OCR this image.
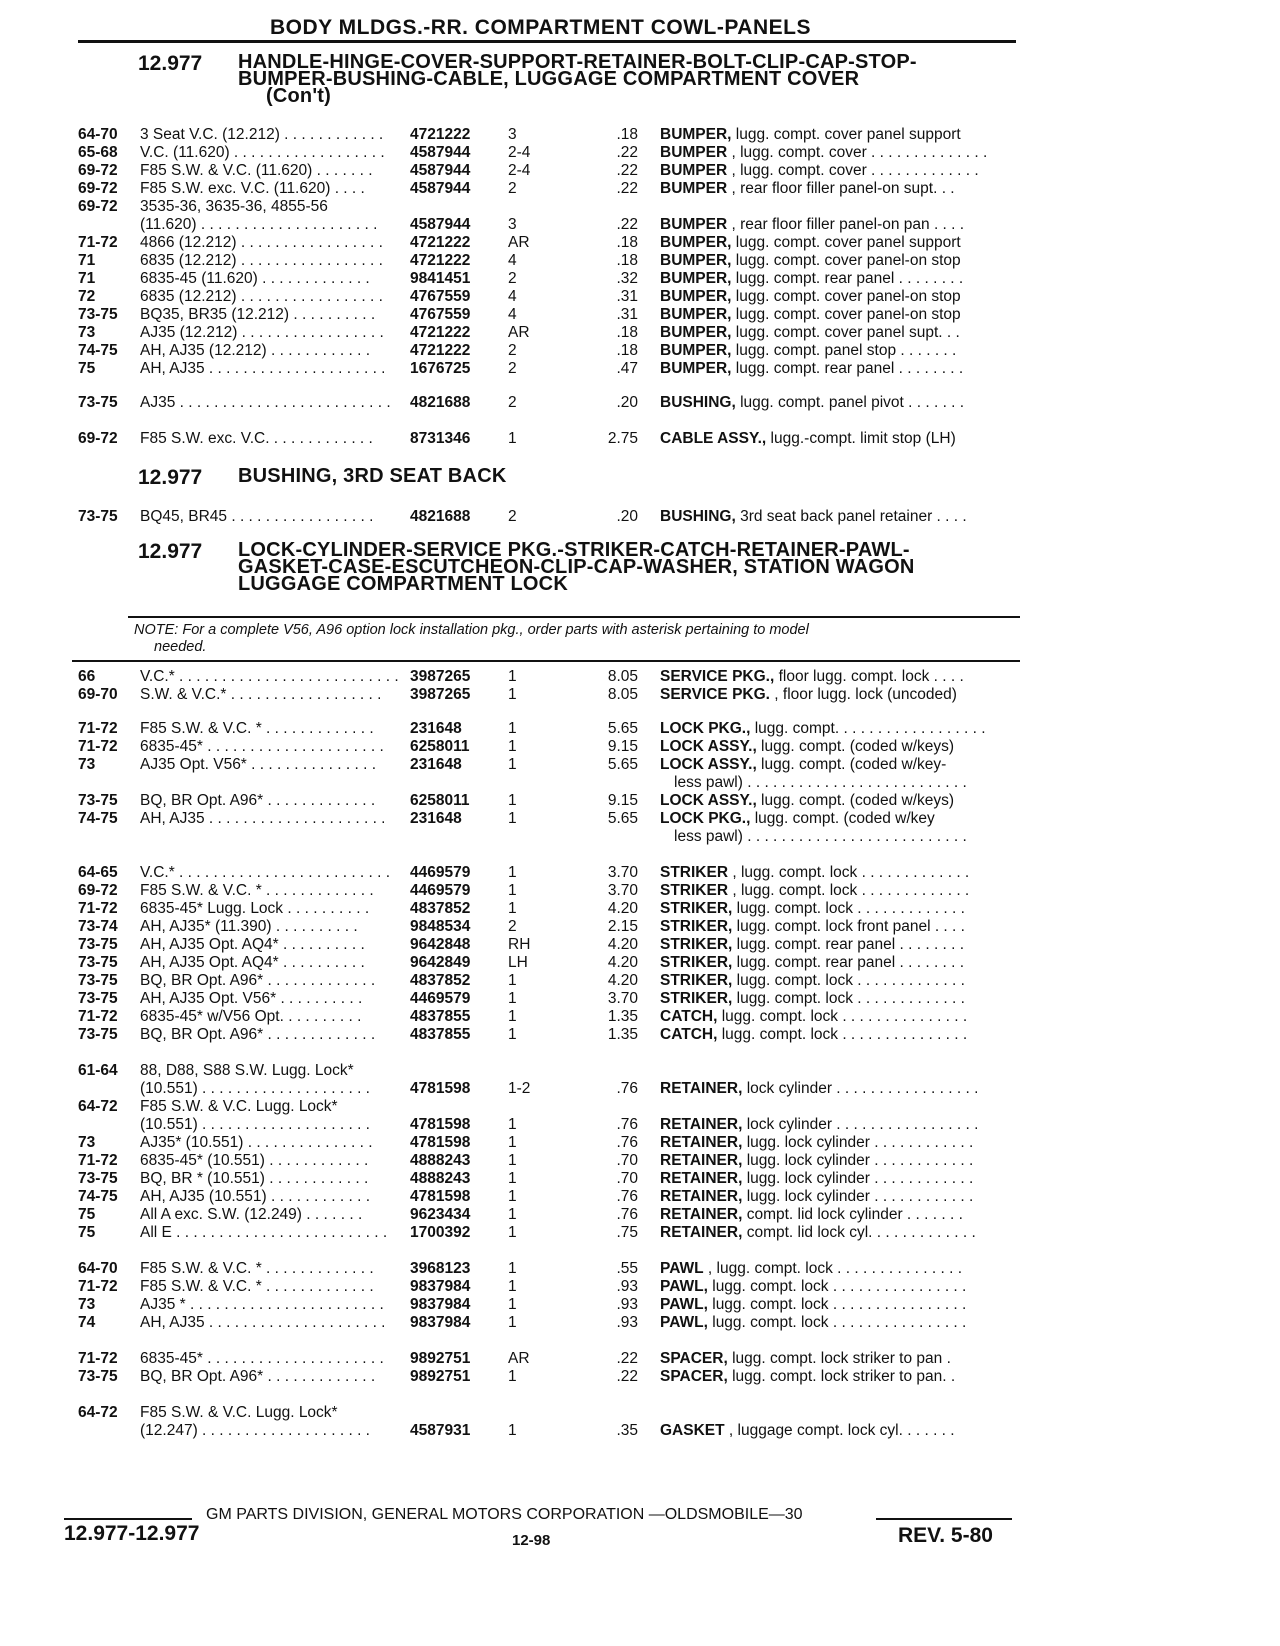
BODY MLDGS.-RR. COMPARTMENT COWL-PANELS
12.977 HANDLE-HINGE-COVER-SUPPORT-RETAINER-BOLT-CLIP-CAP-STOP-
BUMPER-BUSHING-CABLE, LUGGAGE COMPARTMENT COVER
(Con't)
12.977 BUSHING, 3RD SEAT BACK
12.977 LOCK-CYLINDER-SERVICE PKG.-STRIKER-CATCH-RETAINER-PAWL-
GASKET-CASE-ESCUTCHEON-CLIP-CAP-WASHER, STATION WAGON
LUGGAGE COMPARTMENT LOCK
64-70	3 Seat V.C. (12.212) . . . . . . . . . . . .	4721222	3	.18 BUMPER, lugg. compt. cover panel support
65-68	V.C. (11.620) . . . . . . . . . . . . . . . . . .	4587944	2-4	.22 BUMPER , lugg. compt. cover . . . . . . . . . . . . . .
69-72	F85 S.W. & V.C. (11.620) . . . . . . .	4587944	2-4	.22 BUMPER , lugg. compt. cover . . . . . . . . . . . . .
69-72	F85 S.W. exc. V.C. (11.620) . . . .	4587944	2	.22 BUMPER , rear floor filler panel-on supt. . .
69-72	3535-36, 3635-36, 4855-56
(11.620) . . . . . . . . . . . . . . . . . . . . .	4587944	3	.22 BUMPER , rear floor filler panel-on pan . . . .
71-72	4866 (12.212) . . . . . . . . . . . . . . . . .	4721222	AR	.18 BUMPER, lugg. compt. cover panel support
71	6835 (12.212) . . . . . . . . . . . . . . . . .	4721222	4	.18 BUMPER, lugg. compt. cover panel-on stop
71	6835-45 (11.620) . . . . . . . . . . . . .	9841451	2	.32 BUMPER, lugg. compt. rear panel . . . . . . . .
72	6835 (12.212) . . . . . . . . . . . . . . . . .	4767559	4	.31 BUMPER, lugg. compt. cover panel-on stop
73-75	BQ35, BR35 (12.212) . . . . . . . . . .	4767559	4	.31 BUMPER, lugg. compt. cover panel-on stop
73	AJ35 (12.212) . . . . . . . . . . . . . . . . .	4721222	AR	.18 BUMPER, lugg. compt. cover panel supt. . .
74-75	AH, AJ35 (12.212) . . . . . . . . . . . .	4721222	2	.18 BUMPER, lugg. compt. panel stop . . . . . . .
75	AH, AJ35 . . . . . . . . . . . . . . . . . . . . .	1676725	2	.47 BUMPER, lugg. compt. rear panel . . . . . . . .
73-75	AJ35 . . . . . . . . . . . . . . . . . . . . . . . . .	4821688	2	.20 BUSHING, lugg. compt. panel pivot . . . . . . .
69-72	F85 S.W. exc. V.C. . . . . . . . . . . . .	8731346	1	2.75 CABLE ASSY., lugg.-compt. limit stop (LH)
73-75	BQ45, BR45 . . . . . . . . . . . . . . . . .	4821688	2	.20 BUSHING, 3rd seat back panel retainer . . . .
66	V.C.* . . . . . . . . . . . . . . . . . . . . . . . . . . 3987265	1	8.05 SERVICE PKG., floor lugg. compt. lock . . . .
69-70	S.W. & V.C.* . . . . . . . . . . . . . . . . . .	3987265	1	8.05 SERVICE PKG. , floor lugg. lock (uncoded)
71-72	F85 S.W. & V.C. * . . . . . . . . . . . . .	231648	1	5.65 LOCK PKG., lugg. compt. . . . . . . . . . . . . . . . . .
71-72	6835-45* . . . . . . . . . . . . . . . . . . . . .	6258011	1	9.15 LOCK ASSY., lugg. compt. (coded w/keys)
73	AJ35 Opt. V56* . . . . . . . . . . . . . . .	231648	1	5.65 LOCK ASSY., lugg. compt. (coded w/key-
less pawl) . . . . . . . . . . . . . . . . . . . . . . . . . .
73-75	BQ, BR Opt. A96* . . . . . . . . . . . . .	6258011	1	9.15 LOCK ASSY., lugg. compt. (coded w/keys)
74-75	AH, AJ35 . . . . . . . . . . . . . . . . . . . . .	231648	1	5.65 LOCK PKG., lugg. compt. (coded w/key
less pawl) . . . . . . . . . . . . . . . . . . . . . . . . . .
64-65	V.C.* . . . . . . . . . . . . . . . . . . . . . . . . .	4469579	1	3.70 STRIKER , lugg. compt. lock . . . . . . . . . . . . .
69-72	F85 S.W. & V.C. * . . . . . . . . . . . . .	4469579	1	3.70 STRIKER , lugg. compt. lock . . . . . . . . . . . . .
71-72	6835-45* Lugg. Lock . . . . . . . . . .	4837852	1	4.20 STRIKER, lugg. compt. lock . . . . . . . . . . . . .
73-74	AH, AJ35* (11.390) . . . . . . . . . .	9848534	2	2.15 STRIKER, lugg. compt. lock front panel . . . .
73-75	AH, AJ35 Opt. AQ4* . . . . . . . . . .	9642848	RH	4.20 STRIKER, lugg. compt. rear panel . . . . . . . .
73-75	AH, AJ35 Opt. AQ4* . . . . . . . . . .	9642849	LH	4.20 STRIKER, lugg. compt. rear panel . . . . . . . .
73-75	BQ, BR Opt. A96* . . . . . . . . . . . . .	4837852	1	4.20 STRIKER, lugg. compt. lock . . . . . . . . . . . . .
73-75	AH, AJ35 Opt. V56* . . . . . . . . . .	4469579	1	3.70 STRIKER, lugg. compt. lock . . . . . . . . . . . . .
71-72	6835-45* w/V56 Opt. . . . . . . . . .	4837855	1	1.35 CATCH, lugg. compt. lock . . . . . . . . . . . . . . .
73-75	BQ, BR Opt. A96* . . . . . . . . . . . . .	4837855	1	1.35 CATCH, lugg. compt. lock . . . . . . . . . . . . . . .
61-64	88, D88, S88 S.W. Lugg. Lock*
(10.551) . . . . . . . . . . . . . . . . . . . .	4781598	1-2	.76 RETAINER, lock cylinder . . . . . . . . . . . . . . . . .
64-72	F85 S.W. & V.C. Lugg. Lock*
(10.551) . . . . . . . . . . . . . . . . . . . .	4781598	1	.76 RETAINER, lock cylinder . . . . . . . . . . . . . . . . .
73	AJ35* (10.551) . . . . . . . . . . . . . . .	4781598	1	.76 RETAINER, lugg. lock cylinder . . . . . . . . . . . .
71-72	6835-45* (10.551) . . . . . . . . . . . .	4888243	1	.70 RETAINER, lugg. lock cylinder . . . . . . . . . . . .
73-75	BQ, BR * (10.551) . . . . . . . . . . . .	4888243	1	.70 RETAINER, lugg. lock cylinder . . . . . . . . . . . .
74-75	AH, AJ35 (10.551) . . . . . . . . . . . .	4781598	1	.76 RETAINER, lugg. lock cylinder . . . . . . . . . . . .
75	All A exc. S.W. (12.249) . . . . . . .	9623434	1	.76 RETAINER, compt. lid lock cylinder . . . . . . .
75	All E . . . . . . . . . . . . . . . . . . . . . . . . .	1700392	1	.75 RETAINER, compt. lid lock cyl. . . . . . . . . . . . .
64-70	F85 S.W. & V.C. * . . . . . . . . . . . . .	3968123	1	.55 PAWL , lugg. compt. lock . . . . . . . . . . . . . . .
71-72	F85 S.W. & V.C. * . . . . . . . . . . . . .	9837984	1	.93 PAWL, lugg. compt. lock . . . . . . . . . . . . . . . .
73	AJ35 * . . . . . . . . . . . . . . . . . . . . . . .	9837984	1	.93 PAWL, lugg. compt. lock . . . . . . . . . . . . . . . .
74	AH, AJ35 . . . . . . . . . . . . . . . . . . . . .	9837984	1	.93 PAWL, lugg. compt. lock . . . . . . . . . . . . . . . .
71-72	6835-45* . . . . . . . . . . . . . . . . . . . . .	9892751	AR	.22 SPACER, lugg. compt. lock striker to pan .
73-75	BQ, BR Opt. A96* . . . . . . . . . . . . .	9892751	1	.22 SPACER, lugg. compt. lock striker to pan. .
64-72	F85 S.W. & V.C. Lugg. Lock*
(12.247) . . . . . . . . . . . . . . . . . . . .	4587931	1	.35 GASKET , luggage compt. lock cyl. . . . . . .
NOTE: For a complete V56, A96 option lock installation pkg., order parts with asterisk pertaining to model
needed.
GM PARTS DIVISION, GENERAL MOTORS CORPORATION —OLDSMOBILE—30
12.977-12.977	12-98	REV. 5-80
